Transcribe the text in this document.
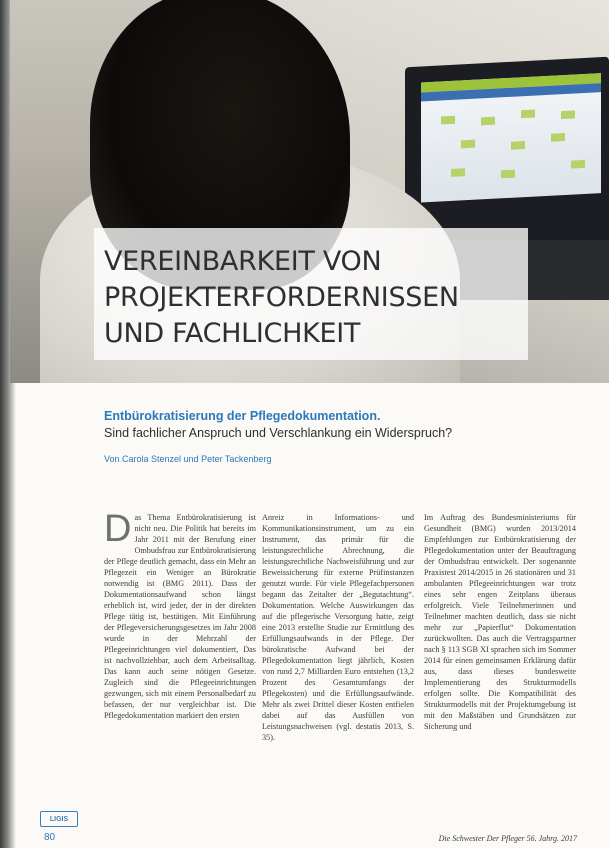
VEREINBARKEIT VON PROJEKTERFORDERNISSEN UND FACHLICHKEIT

Entbürokratisierung der Pflegedokumentation.

Sind fachlicher Anspruch und Verschlankung ein Widerspruch?

Von Carola Stenzel und Peter Tackenberg

D as Thema Entbürokratisierung ist nicht neu. Die Politik hat bereits im Jahr 2011 mit der Berufung einer Ombudsfrau zur Entbürokratisierung der Pflege deutlich gemacht, dass ein Mehr an Pflegezeit ein Weniger an Bürokratie notwendig ist (BMG 2011). Dass der Dokumentationsaufwand schon längst erheblich ist, wird jeder, der in der direkten Pflege tätig ist, bestätigen. Mit Einführung der Pflegeversicherungsgesetzes im Jahr 2008 wurde in der Mehrzahl der Pflegeeinrichtungen viel dokumentiert, Das ist nachvollziehbar, auch dem Arbeitsalltag. Das kann auch seine nötigen Gesetze. Zugleich sind die Pflegeeinrichtungen gezwungen, sich mit einem Personalbedarf zu befassen, der nur vergleichbar ist. Die Pflegedokumentation markiert den ersten

Anreiz in Informations- und Kommunikationsinstrument, um zu ein Instrument, das primär für die leistungsrechtliche Abrechnung, die leistungsrechtliche Nachweisführung und zur Beweissicherung für externe Prüfinstanzen genutzt wurde. Für viele Pflegefachpersonen begann das Zeitalter der „Begutachtung“. Dokumentation. Welche Auswirkungen das auf die pflegerische Versorgung hatte, zeigt eine 2013 erstellte Studie zur Ermittlung des Erfüllungsaufwands in der Pflege. Der bürokratische Aufwand bei der Pflegedokumentation liegt jährlich, Kosten von rund 2,7 Milliarden Euro entstehen (13,2 Prozent des Gesamtumfangs der Pflegekosten) und die Erfüllungsaufwände. Mehr als zwei Drittel dieser Kosten entfielen dabei auf das Ausfüllen von Leistungsnachweisen (vgl. destatis 2013, S. 35).

Im Auftrag des Bundesministeriums für Gesundheit (BMG) wurden 2013/2014 Empfehlungen zur Entbürokratisierung der Pflegedokumentation unter der Beauftragung der Ombudsfrau entwickelt. Der sogenannte Praxistest 2014/2015 in 26 stationären und 31 ambulanten Pflegeeinrichtungen war trotz eines sehr engen Zeitplans überaus erfolgreich. Viele Teilnehmerinnen und Teilnehmer machten deutlich, dass sie nicht mehr zur „Papierflut“ Dokumentation zurückwollten. Das auch die Vertragspartner nach § 113 SGB XI sprachen sich im Sommer 2014 für einen gemeinsamen Erklärung dafür aus, dass dieses bundesweite Implementierung des Strukturmodells erfolgen sollte. Die Kompatibilität des Strukturmodells mit der Projektumgebung ist mit den Maßstäben und Grundsätzen zur Sicherung und

LIGIS

80	Die Schwester Der Pfleger 56. Jahrg. 2017
